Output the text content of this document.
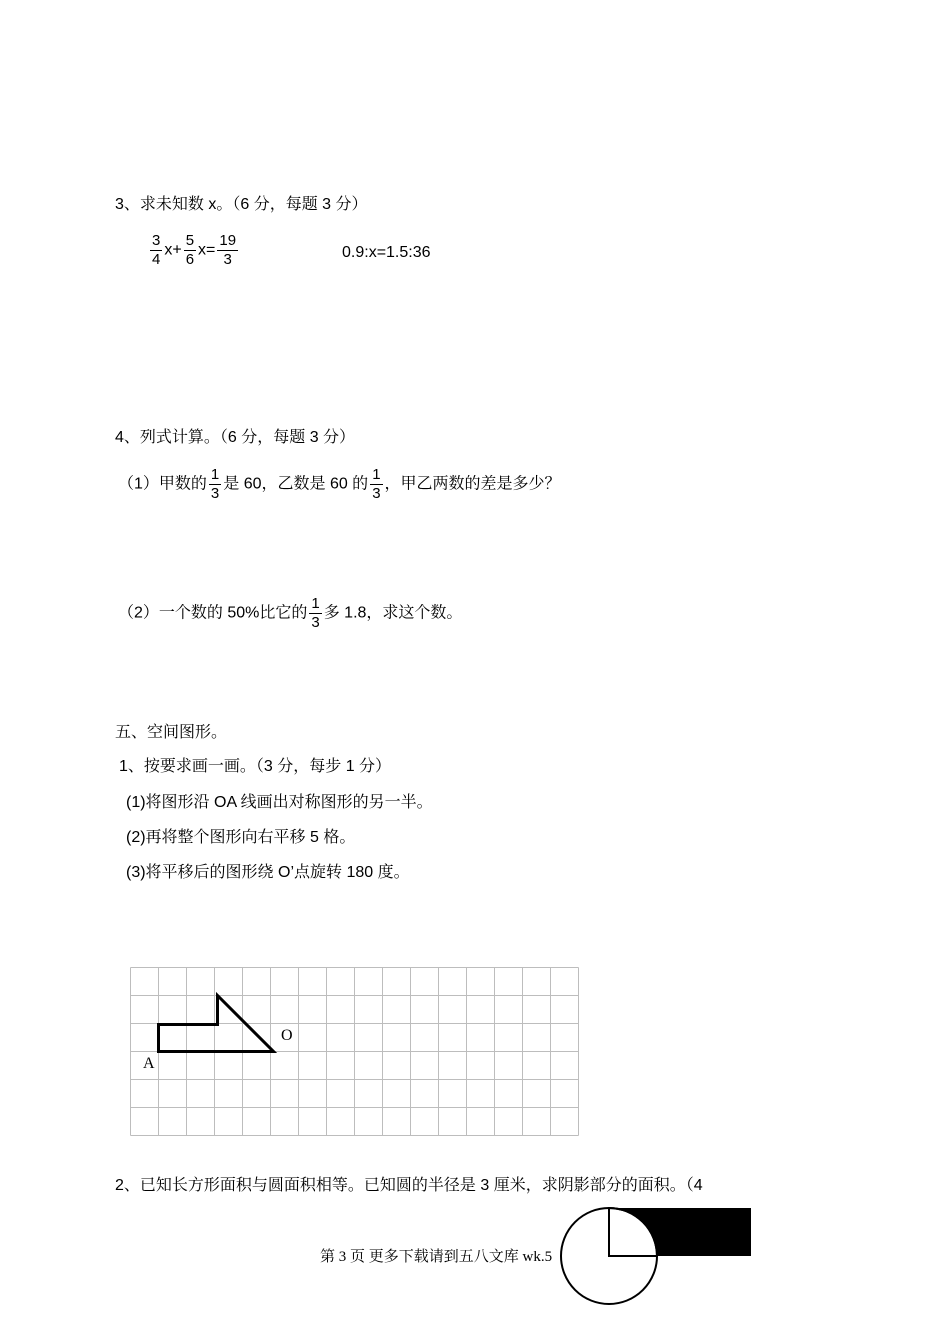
3、求未知数 x。（6 分，每题 3 分）
$\frac{3}{4} x+ \frac{5}{6} x= \frac{19}{3}$	0.9:x=1.5:36
4、列式计算。（6 分，每题 3 分）
（1）甲数的 $\frac{1}{3}$ 是 60，乙数是 60 的 $\frac{1}{3}$ ，甲乙两数的差是多少？
（2）一个数的 50%比它的 $\frac{1}{3}$ 多 1.8，求这个数。
五、空间图形。
1、按要求画一画。（3 分，每步 1 分）
(1)将图形沿 OA 线画出对称图形的另一半。
(2)再将整个图形向右平移 5 格。
(3)将平移后的图形绕 O’点旋转 180 度。
O
A
2、已知长方形面积与圆面积相等。已知圆的半径是 3 厘米，求阴影部分的面积。（4
第 3 页 更多下载请到五八文库 wk.5
